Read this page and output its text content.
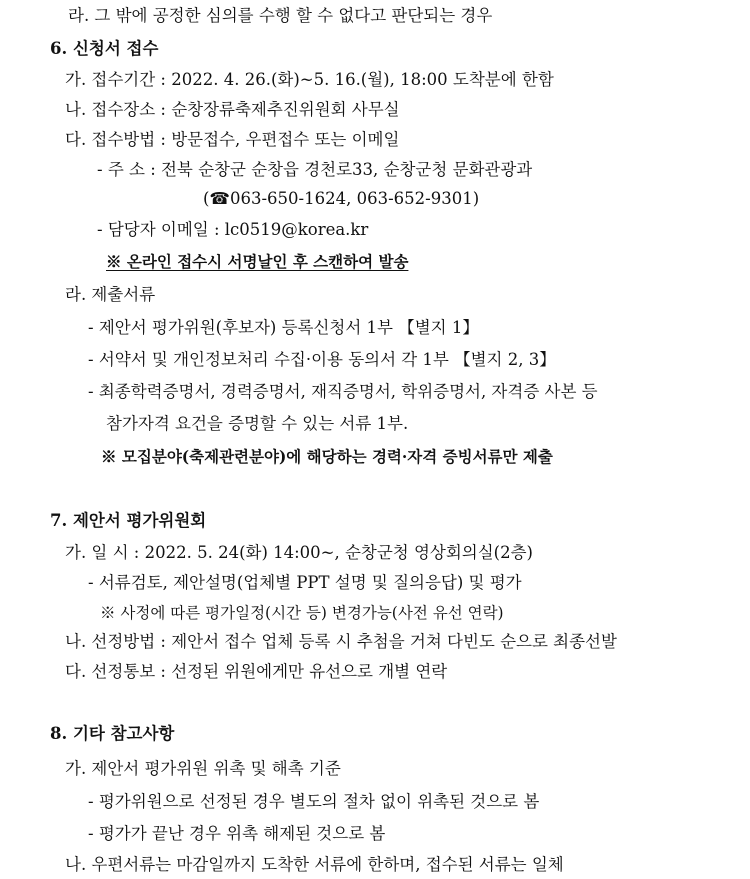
라. 그 밖에 공정한 심의를 수행 할 수 없다고 판단되는 경우
6. 신청서 접수
가. 접수기간 : 2022. 4. 26.(화)~5. 16.(월), 18:00 도착분에 한함
나. 접수장소 : 순창장류축제추진위원회 사무실
다. 접수방법 : 방문접수, 우편접수 또는 이메일
- 주 소 : 전북 순창군 순창읍 경천로33, 순창군청 문화관광과
(☎063-650-1624, 063-652-9301)
- 담당자 이메일 : lc0519@korea.kr
※ 온라인 접수시 서명날인 후 스캔하여 발송
라. 제출서류
- 제안서 평가위원(후보자) 등록신청서 1부 【별지 1】
- 서약서 및 개인정보처리 수집·이용 동의서 각 1부 【별지 2, 3】
- 최종학력증명서, 경력증명서, 재직증명서, 학위증명서, 자격증 사본 등
참가자격 요건을 증명할 수 있는 서류 1부.
※ 모집분야(축제관련분야)에 해당하는 경력·자격 증빙서류만 제출
7. 제안서 평가위원회
가. 일 시 : 2022. 5. 24(화) 14:00~, 순창군청 영상회의실(2층)
- 서류검토, 제안설명(업체별 PPT 설명 및 질의응답) 및 평가
※ 사정에 따른 평가일정(시간 등) 변경가능(사전 유선 연락)
나. 선정방법 : 제안서 접수 업체 등록 시 추첨을 거쳐 다빈도 순으로 최종선발
다. 선정통보 : 선정된 위원에게만 유선으로 개별 연락
8. 기타 참고사항
가. 제안서 평가위원 위촉 및 해촉 기준
- 평가위원으로 선정된 경우 별도의 절차 없이 위촉된 것으로 봄
- 평가가 끝난 경우 위촉 해제된 것으로 봄
나. 우편서류는 마감일까지 도착한 서류에 한하며, 접수된 서류는 일체
